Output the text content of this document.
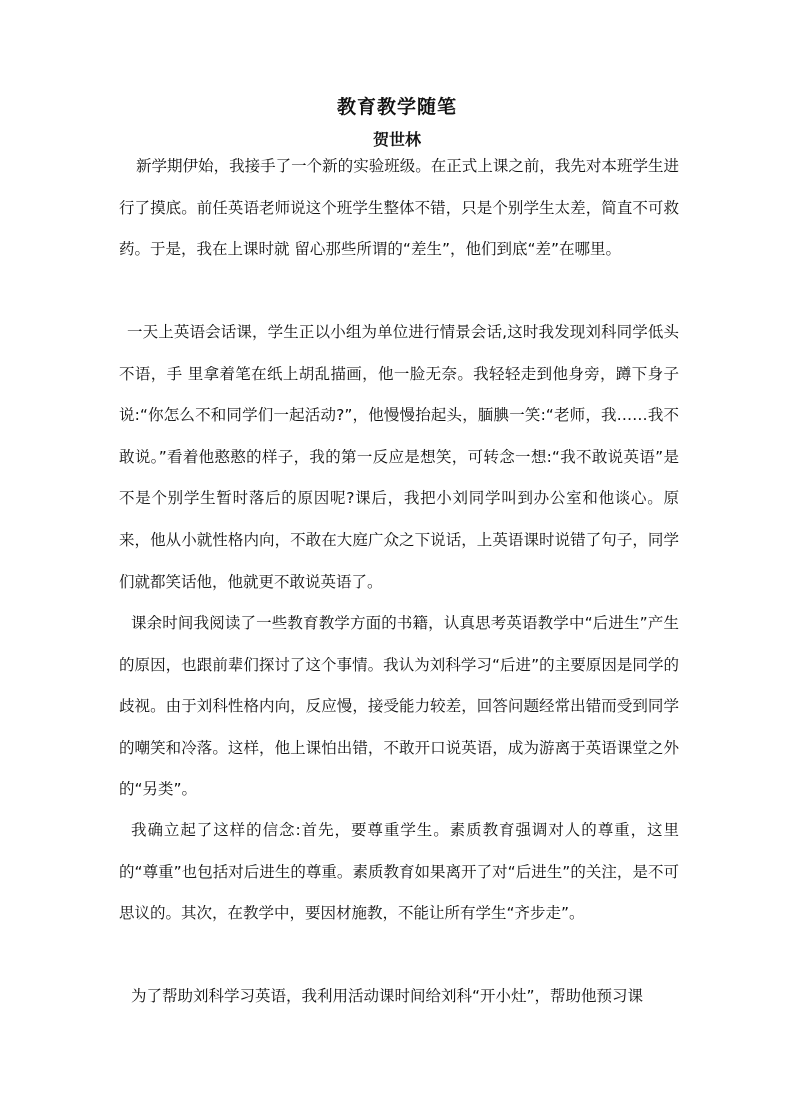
教育教学随笔
贺世林

新学期伊始，我接手了一个新的实验班级。在正式上课之前，我先对本班学生进行了摸底。前任英语老师说这个班学生整体不错，只是个别学生太差，简直不可救药。于是，我在上课时就 留心那些所谓的“差生”，他们到底“差”在哪里。

一天上英语会话课，学生正以小组为单位进行情景会话,这时我发现刘科同学低头不语，手 里拿着笔在纸上胡乱描画，他一脸无奈。我轻轻走到他身旁，蹲下身子说:“你怎么不和同学们一起活动?”，他慢慢抬起头，腼腆一笑:“老师，我……我不敢说。”看着他憨憨的样子，我的第一反应是想笑，可转念一想:“我不敢说英语”是不是个别学生暂时落后的原因呢?课后，我把小刘同学叫到办公室和他谈心。原来，他从小就性格内向，不敢在大庭广众之下说话，上英语课时说错了句子，同学们就都笑话他，他就更不敢说英语了。

课余时间我阅读了一些教育教学方面的书籍，认真思考英语教学中“后进生”产生的原因，也跟前辈们探讨了这个事情。我认为刘科学习“后进”的主要原因是同学的歧视。由于刘科性格内向，反应慢，接受能力较差，回答问题经常出错而受到同学的嘲笑和冷落。这样，他上课怕出错，不敢开口说英语，成为游离于英语课堂之外的“另类”。

我确立起了这样的信念:首先，要尊重学生。素质教育强调对人的尊重，这里的“尊重”也包括对后进生的尊重。素质教育如果离开了对“后进生”的关注，是不可思议的。其次，在教学中，要因材施教，不能让所有学生“齐步走”。

为了帮助刘科学习英语，我利用活动课时间给刘科“开小灶”，帮助他预习课
